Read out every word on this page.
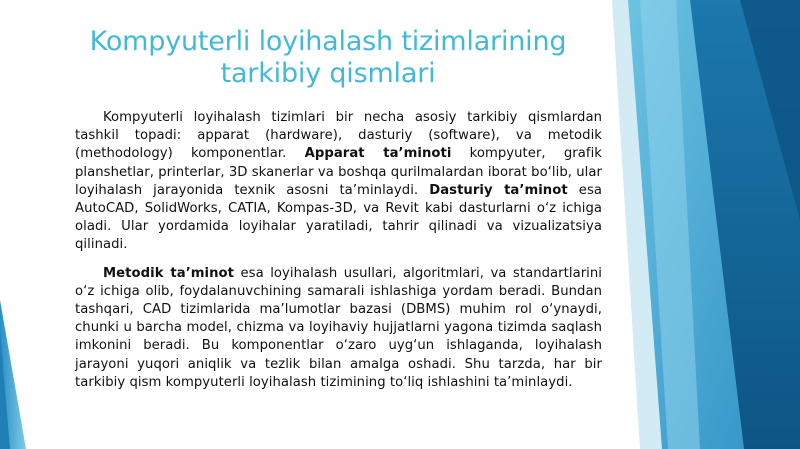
Kompyuterli loyihalash tizimlarining
tarkibiy qismlari

Kompyuterli loyihalash tizimlari bir necha asosiy tarkibiy qismlardan tashkil topadi: apparat (hardware), dasturiy (software), va metodik (methodology) komponentlar. Apparat ta’minoti kompyuter, grafik planshetlar, printerlar, 3D skanerlar va boshqa qurilmalardan iborat bo‘lib, ular loyihalash jarayonida texnik asosni ta’minlaydi. Dasturiy ta’minot esa AutoCAD, SolidWorks, CATIA, Kompas-3D, va Revit kabi dasturlarni o‘z ichiga oladi. Ular yordamida loyihalar yaratiladi, tahrir qilinadi va vizualizatsiya qilinadi.

Metodik ta’minot esa loyihalash usullari, algoritmlari, va standartlarini o‘z ichiga olib, foydalanuvchining samarali ishlashiga yordam beradi. Bundan tashqari, CAD tizimlarida ma’lumotlar bazasi (DBMS) muhim rol o‘ynaydi, chunki u barcha model, chizma va loyihaviy hujjatlarni yagona tizimda saqlash imkonini beradi. Bu komponentlar o‘zaro uyg‘un ishlaganda, loyihalash jarayoni yuqori aniqlik va tezlik bilan amalga oshadi. Shu tarzda, har bir tarkibiy qism kompyuterli loyihalash tizimining to‘liq ishlashini ta’minlaydi.
